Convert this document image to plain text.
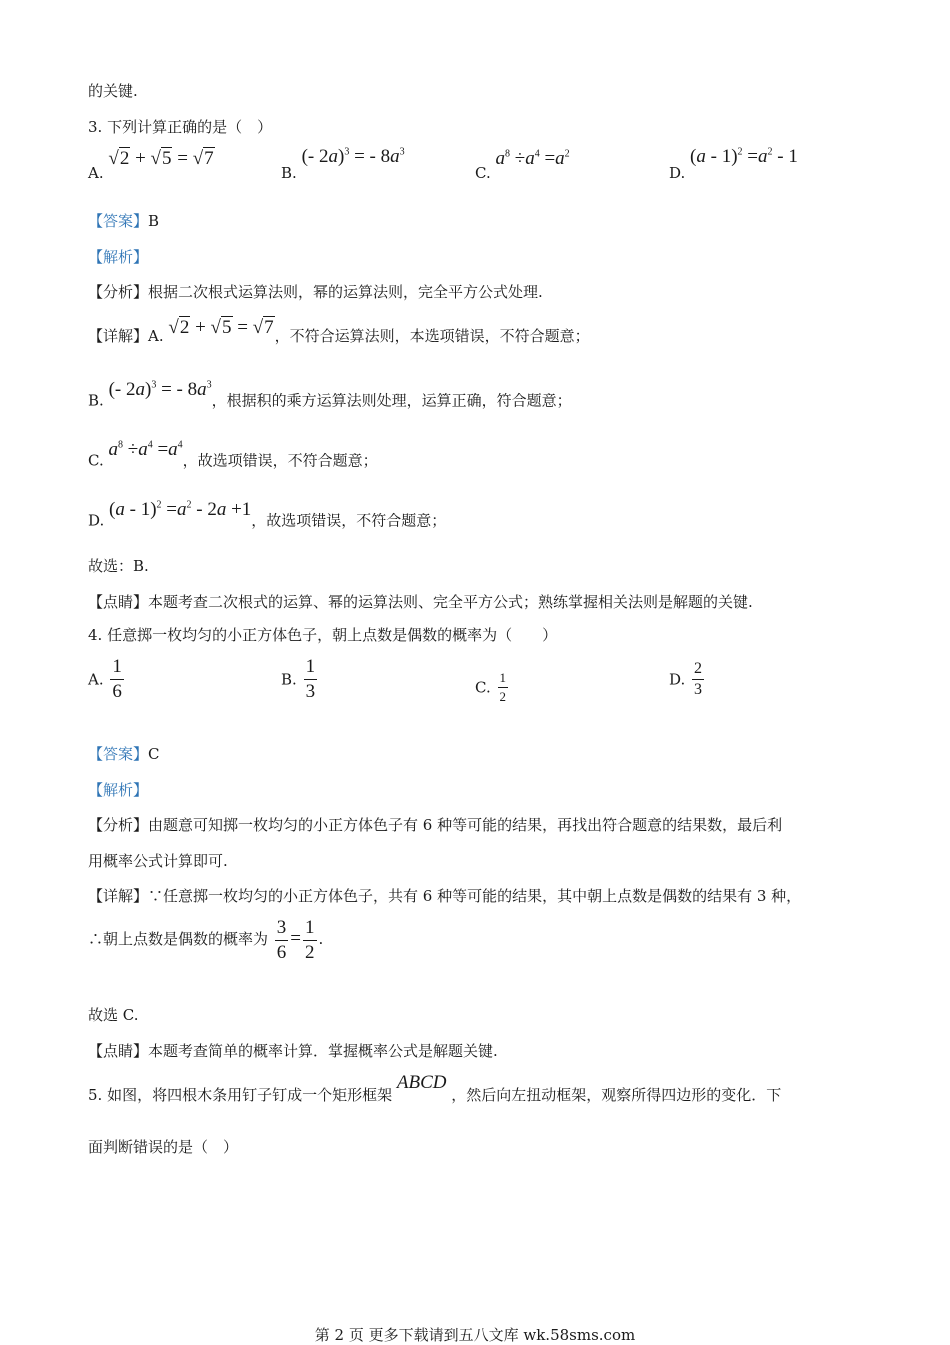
的关键.
3. 下列计算正确的是（　）
A. √2 + √5 = √7
B. (- 2a)$^3$ = - $8a^3$
C. $a^8 \div a^4 =a^2$
D. $(a - 1)^2 =a^2 - 1$
【答案】B
【解析】
【分析】根据二次根式运算法则，幂的运算法则，完全平方公式处理.
【详解】A. √2 + √5 = √7，不符合运算法则，本选项错误，不符合题意；
B. (- 2a)$^3$ = - $8a^3$，根据积的乘方运算法则处理，运算正确，符合题意；
C. $a^8 \div a^4 =a^4$，故选项错误，不符合题意；
D. $(a - 1)^2 =a^2 - 2a +1$，故选项错误，不符合题意；
故选：B.
【点睛】本题考查二次根式的运算、幂的运算法则、完全平方公式；熟练掌握相关法则是解题的关键.
4. 任意掷一枚均匀的小正方体色子，朝上点数是偶数的概率为（　　）
A. $\frac{1}{6}$	B. $\frac{1}{3}$	C. $\frac{1}{2}$	D. $\frac{2}{3}$
【答案】C
【解析】
【分析】由题意可知掷一枚均匀的小正方体色子有 6 种等可能的结果，再找出符合题意的结果数，最后利
用概率公式计算即可.
【详解】∵任意掷一枚均匀的小正方体色子，共有 6 种等可能的结果，其中朝上点数是偶数的结果有 3 种，
∴朝上点数是偶数的概率为 $\frac{3}{6} = \frac{1}{2}$ .
故选 C.
【点睛】本题考查简单的概率计算．掌握概率公式是解题关键.
5. 如图，将四根木条用钉子钉成一个矩形框架 ABCD ，然后向左扭动框架，观察所得四边形的变化．下
面判断错误的是（　）
第 2 页 更多下载请到五八文库 wk.58sms.com
